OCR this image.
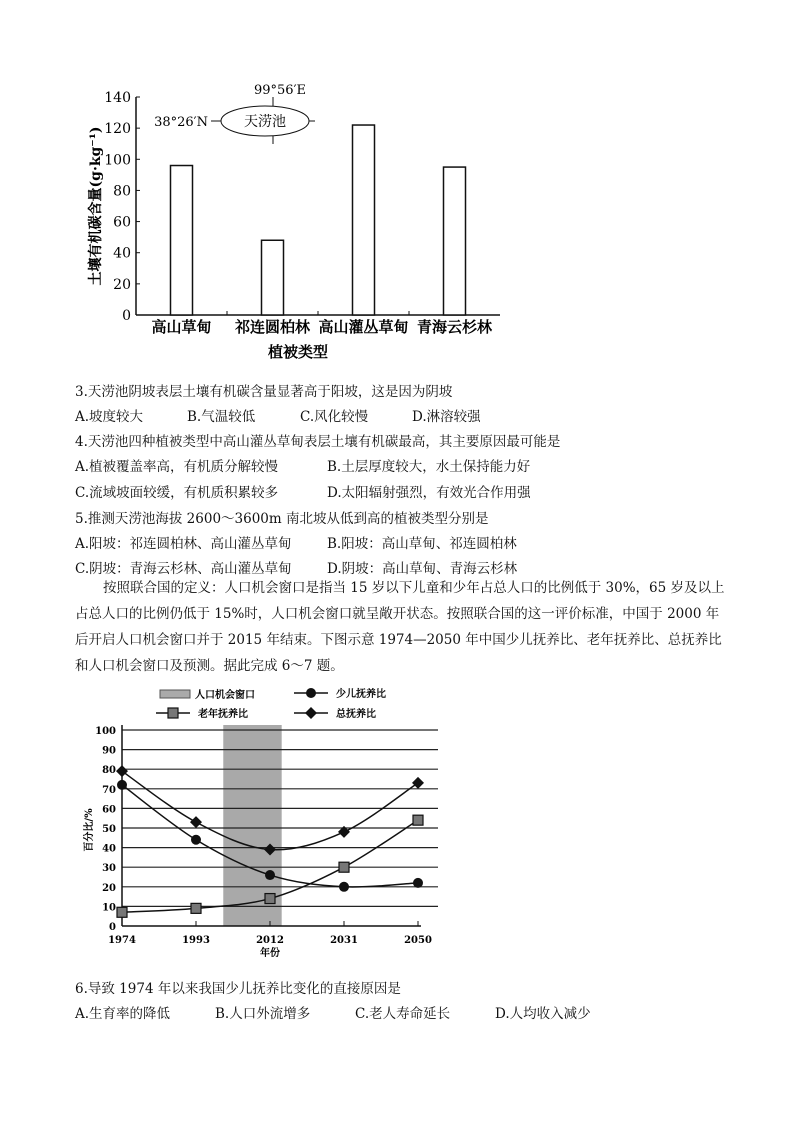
0
20
40
60
80
100
120
140
高山草甸 祁连圆柏林 高山灌丛草甸 青海云杉林
植被类型
土壤有机碳含量(g·kg⁻¹)
天涝池
38°26′N
99°56′E
3.天涝池阴坡表层土壤有机碳含量显著高于阳坡，这是因为阴坡
A.坡度较大	B.气温较低	C.风化较慢	D.淋溶较强
4.天涝池四种植被类型中高山灌丛草甸表层土壤有机碳最高，其主要原因最可能是
A.植被覆盖率高，有机质分解较慢	B.土层厚度较大，水土保持能力好
C.流域坡面较缓，有机质积累较多	D.太阳辐射强烈，有效光合作用强
5.推测天涝池海拔 2600～3600m 南北坡从低到高的植被类型分别是
A.阳坡：祁连圆柏林、高山灌丛草甸	B.阳坡：高山草甸、祁连圆柏林
C.阴坡：青海云杉林、高山灌丛草甸	D.阴坡：高山草甸、青海云杉林
按照联合国的定义：人口机会窗口是指当 15 岁以下儿童和少年占总人口的比例低于 30%，65 岁及以上占总人口的比例仍低于 15%时，人口机会窗口就呈敞开状态。按照联合国的这一评价标准，中国于 2000 年后开启人口机会窗口并于 2015 年结束。下图示意 1974—2050 年中国少儿抚养比、老年抚养比、总抚养比和人口机会窗口及预测。据此完成 6～7 题。
0
10
20
30
40
50
60
70
80
90
100
1974	1993	2012	2031	2050
年份
百分比/%
人口机会窗口	少儿抚养比
老年抚养比	总抚养比
6.导致 1974 年以来我国少儿抚养比变化的直接原因是
A.生育率的降低	B.人口外流增多	C.老人寿命延长	D.人均收入减少
